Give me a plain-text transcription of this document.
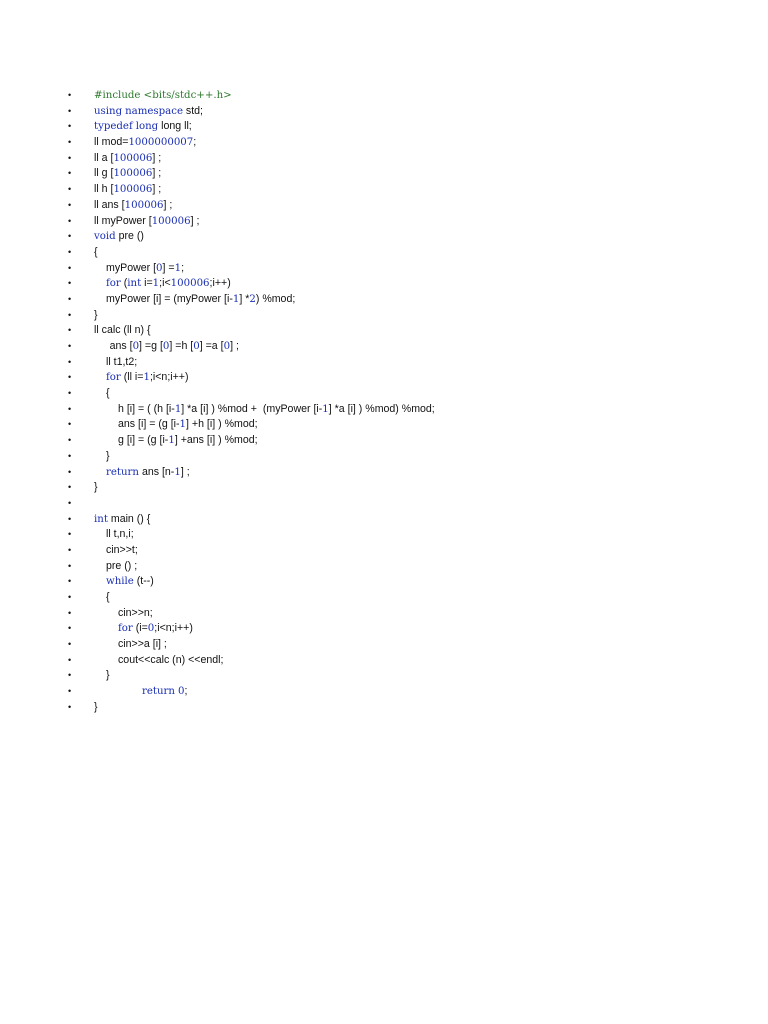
• #include <bits/stdc++.h>
• using namespace std;
• typedef long long ll;
• ll mod=1000000007;
• ll a [100006] ;
• ll g [100006] ;
• ll h [100006] ;
• ll ans [100006] ;
• ll myPower [100006] ;
• void pre ()
• {
•	myPower [0] =1;
•	for (int i=1;i<100006;i++)
•	myPower [i] = (myPower [i-1] *2) %mod;
• }
• ll calc (ll n) {
•	ans [0] =g [0] =h [0] =a [0] ;
•	ll t1,t2;
•	for (ll i=1;i<n;i++)
•	{
•	h [i] = ( (h [i-1] *a [i] ) %mod +  (myPower [i-1] *a [i] ) %mod) %mod;
•	ans [i] = (g [i-1] +h [i] ) %mod;
•	g [i] = (g [i-1] +ans [i] ) %mod;
•	}
•	return ans [n-1] ;
• }
•
• int main () {
•	ll t,n,i;
•	cin>>t;
•	pre () ;
•	while (t--)
•	{
•	cin>>n;
•	for (i=0;i<n;i++)
•	cin>>a [i] ;
•	cout<<calc (n) <<endl;
•	}
•	return 0;
• }
